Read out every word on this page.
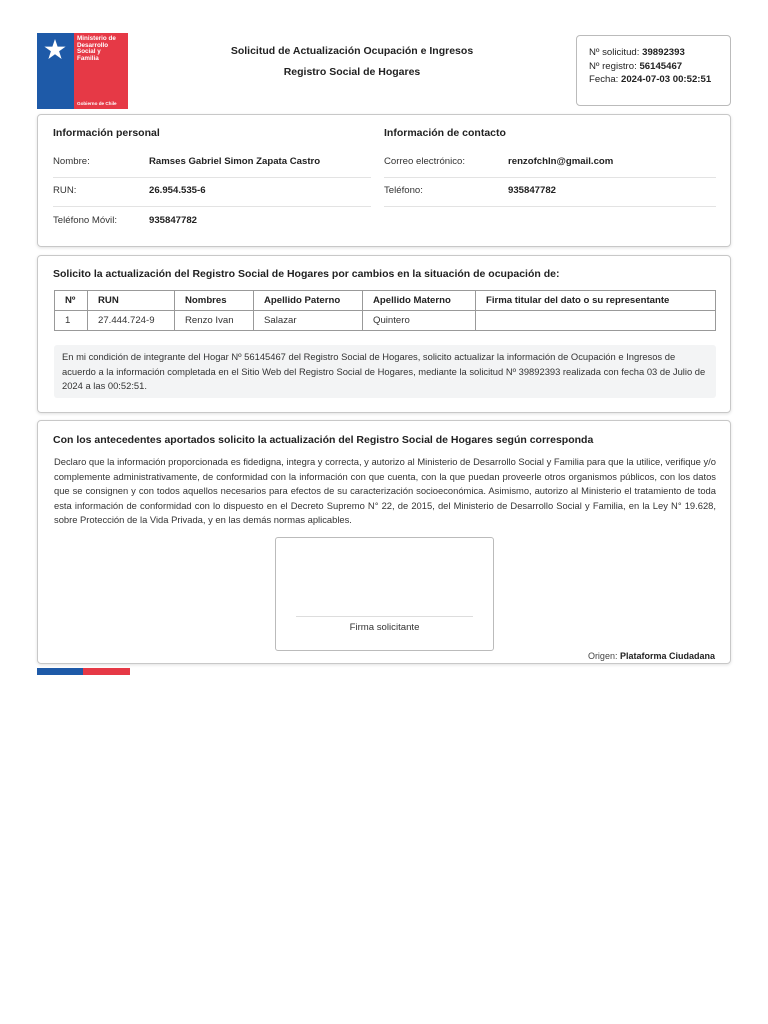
Ministerio de
Desarrollo
Social y
Familia
Gobierno de Chile
Solicitud de Actualización Ocupación e Ingresos
Registro Social de Hogares
Nº solicitud: 39892393
Nº registro: 56145467
Fecha: 2024-07-03 00:52:51
Información personal	Información de contacto
Nombre:	Ramses Gabriel Simon Zapata Castro	Correo electrónico:	renzofchln@gmail.com
RUN:	26.954.535-6	Teléfono:	935847782
Teléfono Móvil:	935847782
Solicito la actualización del Registro Social de Hogares por cambios en la situación de ocupación de:
Nº	RUN	Nombres	Apellido Paterno	Apellido Materno	Firma titular del dato o su representante
1	27.444.724-9	Renzo Ivan	Salazar	Quintero	
En mi condición de integrante del Hogar Nº 56145467 del Registro Social de Hogares, solicito actualizar la información de Ocupación e Ingresos de acuerdo a la información completada en el Sitio Web del Registro Social de Hogares, mediante la solicitud Nº 39892393 realizada con fecha 03 de Julio de 2024 a las 00:52:51.
Con los antecedentes aportados solicito la actualización del Registro Social de Hogares según corresponda
Declaro que la información proporcionada es fidedigna, integra y correcta, y autorizo al Ministerio de Desarrollo Social y Familia para que la utilice, verifique y/o complemente administrativamente, de conformidad con la información con que cuenta, con la que puedan proveerle otros organismos públicos, con los datos que se consignen y con todos aquellos necesarios para efectos de su caracterización socioeconómica. Asimismo, autorizo al Ministerio el tratamiento de toda esta información de conformidad con lo dispuesto en el Decreto Supremo N° 22, de 2015, del Ministerio de Desarrollo Social y Familia, en la Ley N° 19.628, sobre Protección de la Vida Privada, y en las demás normas aplicables.
Firma solicitante
Origen: Plataforma Ciudadana
